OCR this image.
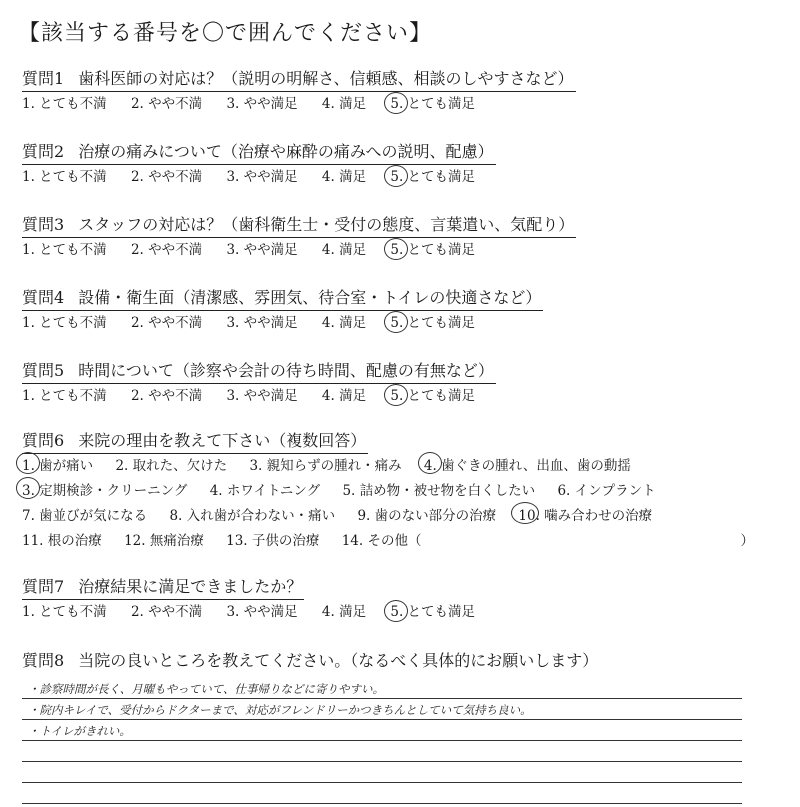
【該当する番号を〇で囲んでください】
質問1 歯科医師の対応は？（説明の明解さ、信頼感、相談のしやすさなど）
1. とても不満 2. やや不満 3. やや満足 4. 満足 5. とても満足
質問2 治療の痛みについて（治療や麻酔の痛みへの説明、配慮）
1. とても不満 2. やや不満 3. やや満足 4. 満足 5. とても満足
質問3 スタッフの対応は？（歯科衛生士・受付の態度、言葉遣い、気配り）
1. とても不満 2. やや不満 3. やや満足 4. 満足 5. とても満足
質問4 設備・衛生面（清潔感、雰囲気、待合室・トイレの快適さなど）
1. とても不満 2. やや不満 3. やや満足 4. 満足 5. とても満足
質問5 時間について（診察や会計の待ち時間、配慮の有無など）
1. とても不満 2. やや不満 3. やや満足 4. 満足 5. とても満足
質問6 来院の理由を教えて下さい（複数回答）
1. 歯が痛い 2. 取れた、欠けた 3. 親知らずの腫れ・痛み 4. 歯ぐきの腫れ、出血、歯の動揺
3. 定期検診・クリーニング 4. ホワイトニング 5. 詰め物・被せ物を白くしたい 6. インプラント
7. 歯並びが気になる 8. 入れ歯が合わない・痛い 9. 歯のない部分の治療 10. 噛み合わせの治療
11. 根の治療 12. 無痛治療 13. 子供の治療 14. その他（	）
質問7 治療結果に満足できましたか？
1. とても不満 2. やや不満 3. やや満足 4. 満足 5. とても満足
質問8 当院の良いところを教えてください。（なるべく具体的にお願いします）
・診察時間が長く、月曜もやっていて、仕事帰りなどに寄りやすい。
・院内キレイで、受付からドクターまで、対応がフレンドリーかつきちんとしていて気持ち良い。
・トイレがきれい。
